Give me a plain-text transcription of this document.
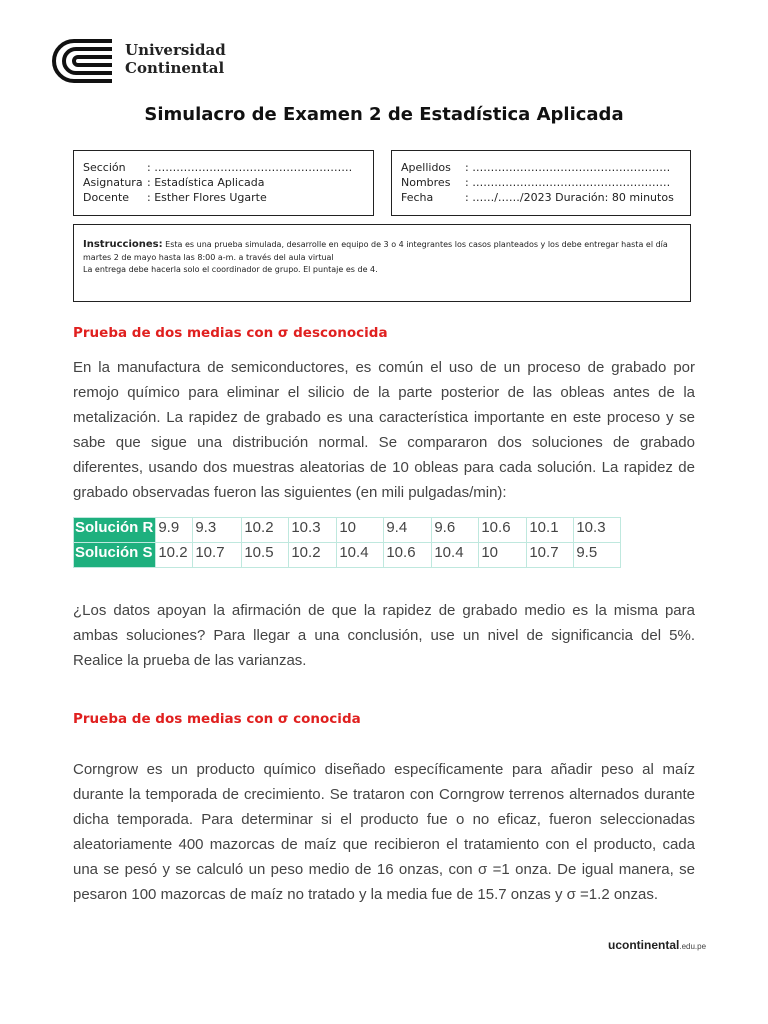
Universidad
Continental
Simulacro de Examen 2 de Estadística Aplicada
Sección	: ………………………………………………
Asignatura : Estadística Aplicada
Docente	: Esther Flores Ugarte
Apellidos	: ………………………………………………
Nombres	: ………………………………………………
Fecha	: ……/……/2023 Duración: 80 minutos
Instrucciones: Esta es una prueba simulada, desarrolle en equipo de 3 o 4 integrantes los casos planteados y los debe entregar hasta el día
martes 2 de mayo hasta las 8:00 a-m. a través del aula virtual
La entrega debe hacerla solo el coordinador de grupo. El puntaje es de 4.
Prueba de dos medias con σ desconocida
En la manufactura de semiconductores, es común el uso de un proceso de grabado por remojo químico para eliminar el silicio de la parte posterior de las obleas antes de la metalización. La rapidez de grabado es una característica importante en este proceso y se sabe que sigue una distribución normal. Se compararon dos soluciones de grabado diferentes, usando dos muestras aleatorias de 10 obleas para cada solución. La rapidez de grabado observadas fueron las siguientes (en mili pulgadas/min):
Solución R	9.9	9.3	10.2	10.3	10	9.4	9.6	10.6	10.1	10.3
Solución S	10.2	10.7	10.5	10.2	10.4	10.6	10.4	10	10.7	9.5
¿Los datos apoyan la afirmación de que la rapidez de grabado medio es la misma para ambas soluciones? Para llegar a una conclusión, use un nivel de significancia del 5%. Realice la prueba de las varianzas.
Prueba de dos medias con σ conocida
Corngrow es un producto químico diseñado específicamente para añadir peso al maíz durante la temporada de crecimiento. Se trataron con Corngrow terrenos alternados durante dicha temporada. Para determinar si el producto fue o no eficaz, fueron seleccionadas aleatoriamente 400 mazorcas de maíz que recibieron el tratamiento con el producto, cada una se pesó y se calculó un peso medio de 16 onzas, con σ =1 onza. De igual manera, se pesaron 100 mazorcas de maíz no tratado y la media fue de 15.7 onzas y σ =1.2 onzas.
ucontinental.edu.pe
